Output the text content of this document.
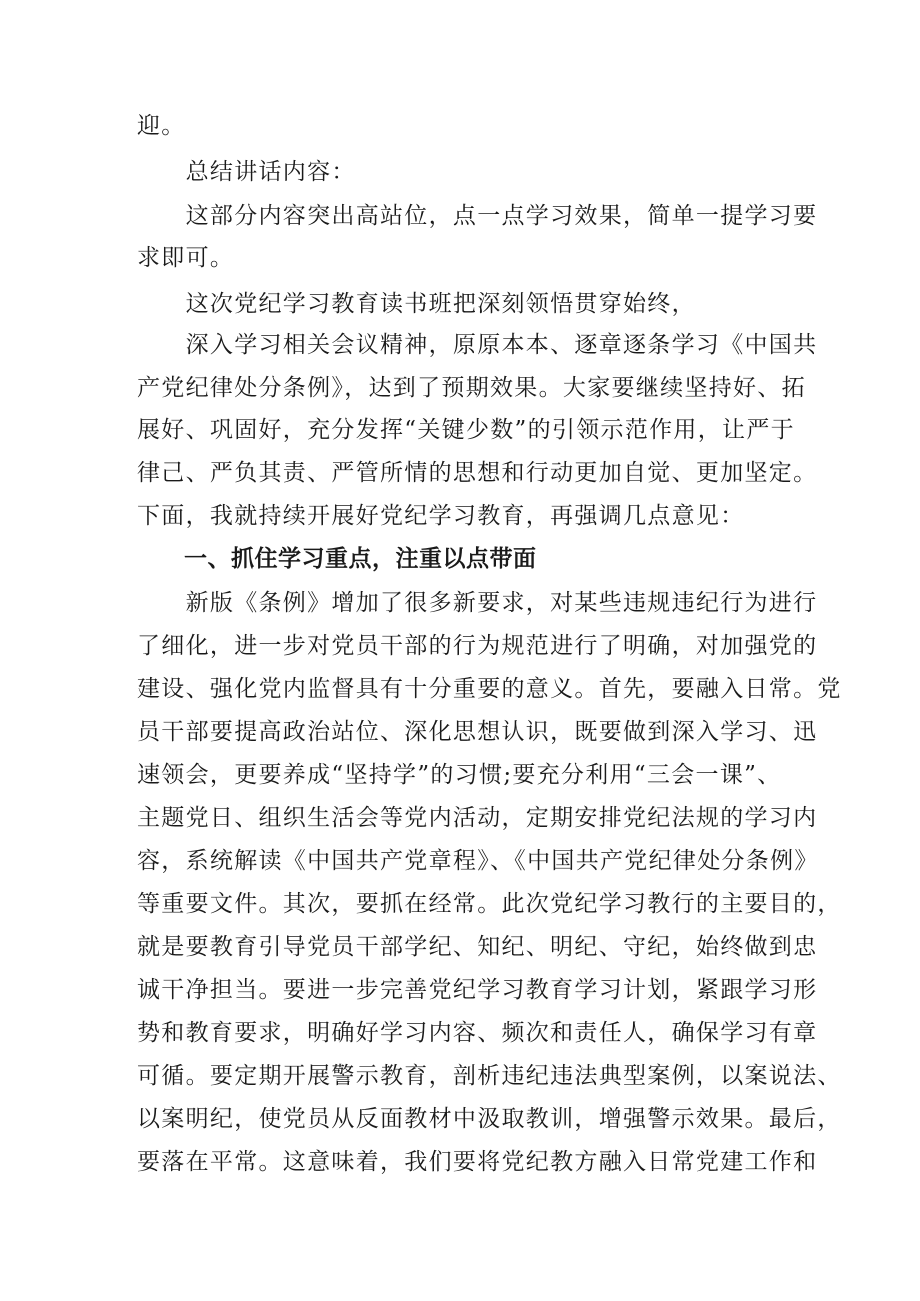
迎。
　　总结讲话内容：
　　这部分内容突出高站位，点一点学习效果，简单一提学习要
求即可。
　　这次党纪学习教育读书班把深刻领悟贯穿始终，
　　深入学习相关会议精神，原原本本、逐章逐条学习《中国共
产党纪律处分条例》，达到了预期效果。大家要继续坚持好、拓
展好、巩固好，充分发挥“关键少数”的引领示范作用，让严于
律己、严负其责、严管所情的思想和行动更加自觉、更加坚定。
下面，我就持续开展好党纪学习教育，再强调几点意见：
　　一、抓住学习重点，注重以点带面
　　新版《条例》增加了很多新要求，对某些违规违纪行为进行
了细化，进一步对党员干部的行为规范进行了明确，对加强党的
建设、强化党内监督具有十分重要的意义。首先，要融入日常。党
员干部要提高政治站位、深化思想认识，既要做到深入学习、迅
速领会，更要养成“坚持学”的习惯;要充分利用“三会一课”、
主题党日、组织生活会等党内活动，定期安排党纪法规的学习内
容，系统解读《中国共产党章程》、《中国共产党纪律处分条例》
等重要文件。其次，要抓在经常。此次党纪学习教行的主要目的，
就是要教育引导党员干部学纪、知纪、明纪、守纪，始终做到忠
诚干净担当。要进一步完善党纪学习教育学习计划，紧跟学习形
势和教育要求，明确好学习内容、频次和责任人，确保学习有章
可循。要定期开展警示教育，剖析违纪违法典型案例，以案说法、
以案明纪，使党员从反面教材中汲取教训，增强警示效果。最后，
要落在平常。这意味着，我们要将党纪教方融入日常党建工作和
